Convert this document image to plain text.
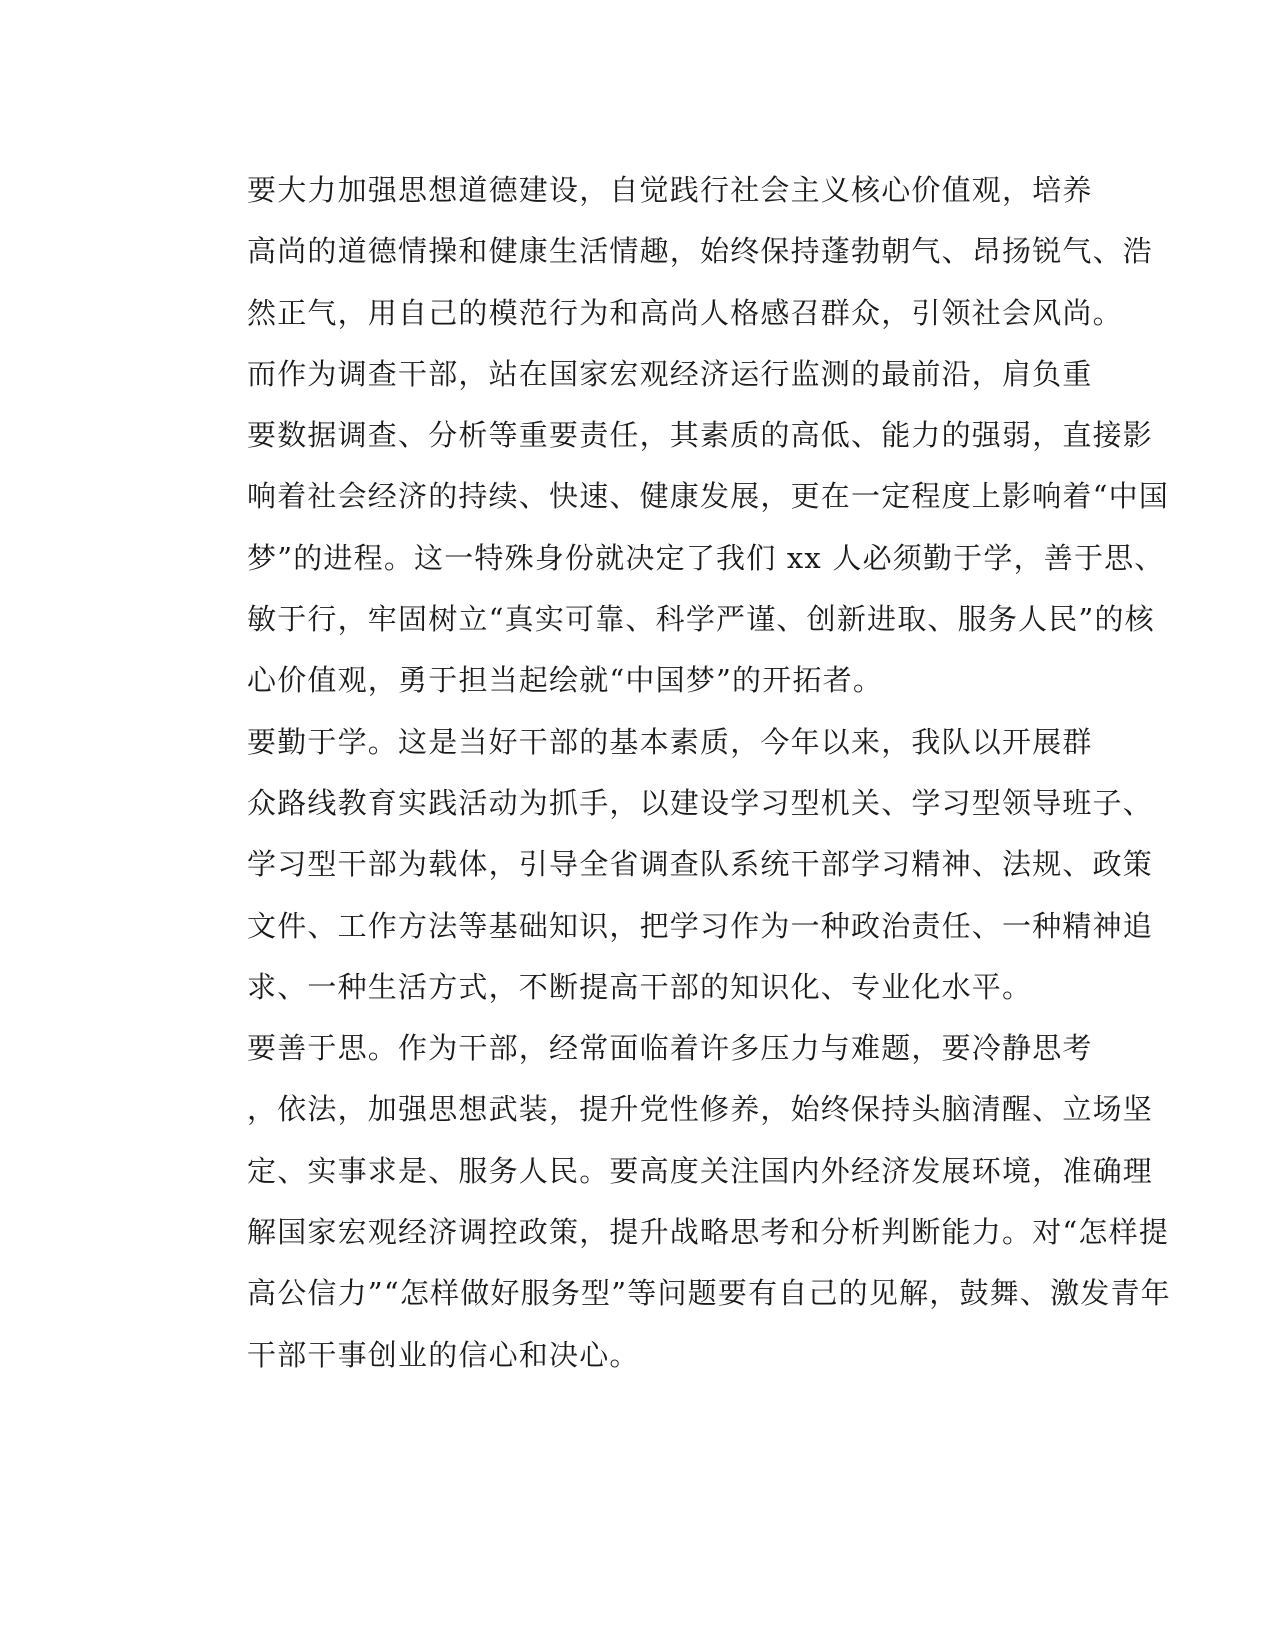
要大力加强思想道德建设，自觉践行社会主义核心价值观，培养
高尚的道德情操和健康生活情趣，始终保持蓬勃朝气、昂扬锐气、浩
然正气，用自己的模范行为和高尚人格感召群众，引领社会风尚。

而作为调查干部，站在国家宏观经济运行监测的最前沿，肩负重
要数据调查、分析等重要责任，其素质的高低、能力的强弱，直接影
响着社会经济的持续、快速、健康发展，更在一定程度上影响着“中国
梦”的进程。这一特殊身份就决定了我们 xx 人必须勤于学，善于思、
敏于行，牢固树立“真实可靠、科学严谨、创新进取、服务人民”的核
心价值观，勇于担当起绘就“中国梦”的开拓者。

要勤于学。这是当好干部的基本素质，今年以来，我队以开展群
众路线教育实践活动为抓手，以建设学习型机关、学习型领导班子、
学习型干部为载体，引导全省调查队系统干部学习精神、法规、政策
文件、工作方法等基础知识，把学习作为一种政治责任、一种精神追
求、一种生活方式，不断提高干部的知识化、专业化水平。

要善于思。作为干部，经常面临着许多压力与难题，要冷静思考
，依法，加强思想武装，提升党性修养，始终保持头脑清醒、立场坚
定、实事求是、服务人民。要高度关注国内外经济发展环境，准确理
解国家宏观经济调控政策，提升战略思考和分析判断能力。对“怎样提
高公信力”“怎样做好服务型”等问题要有自己的见解，鼓舞、激发青年
干部干事创业的信心和决心。
